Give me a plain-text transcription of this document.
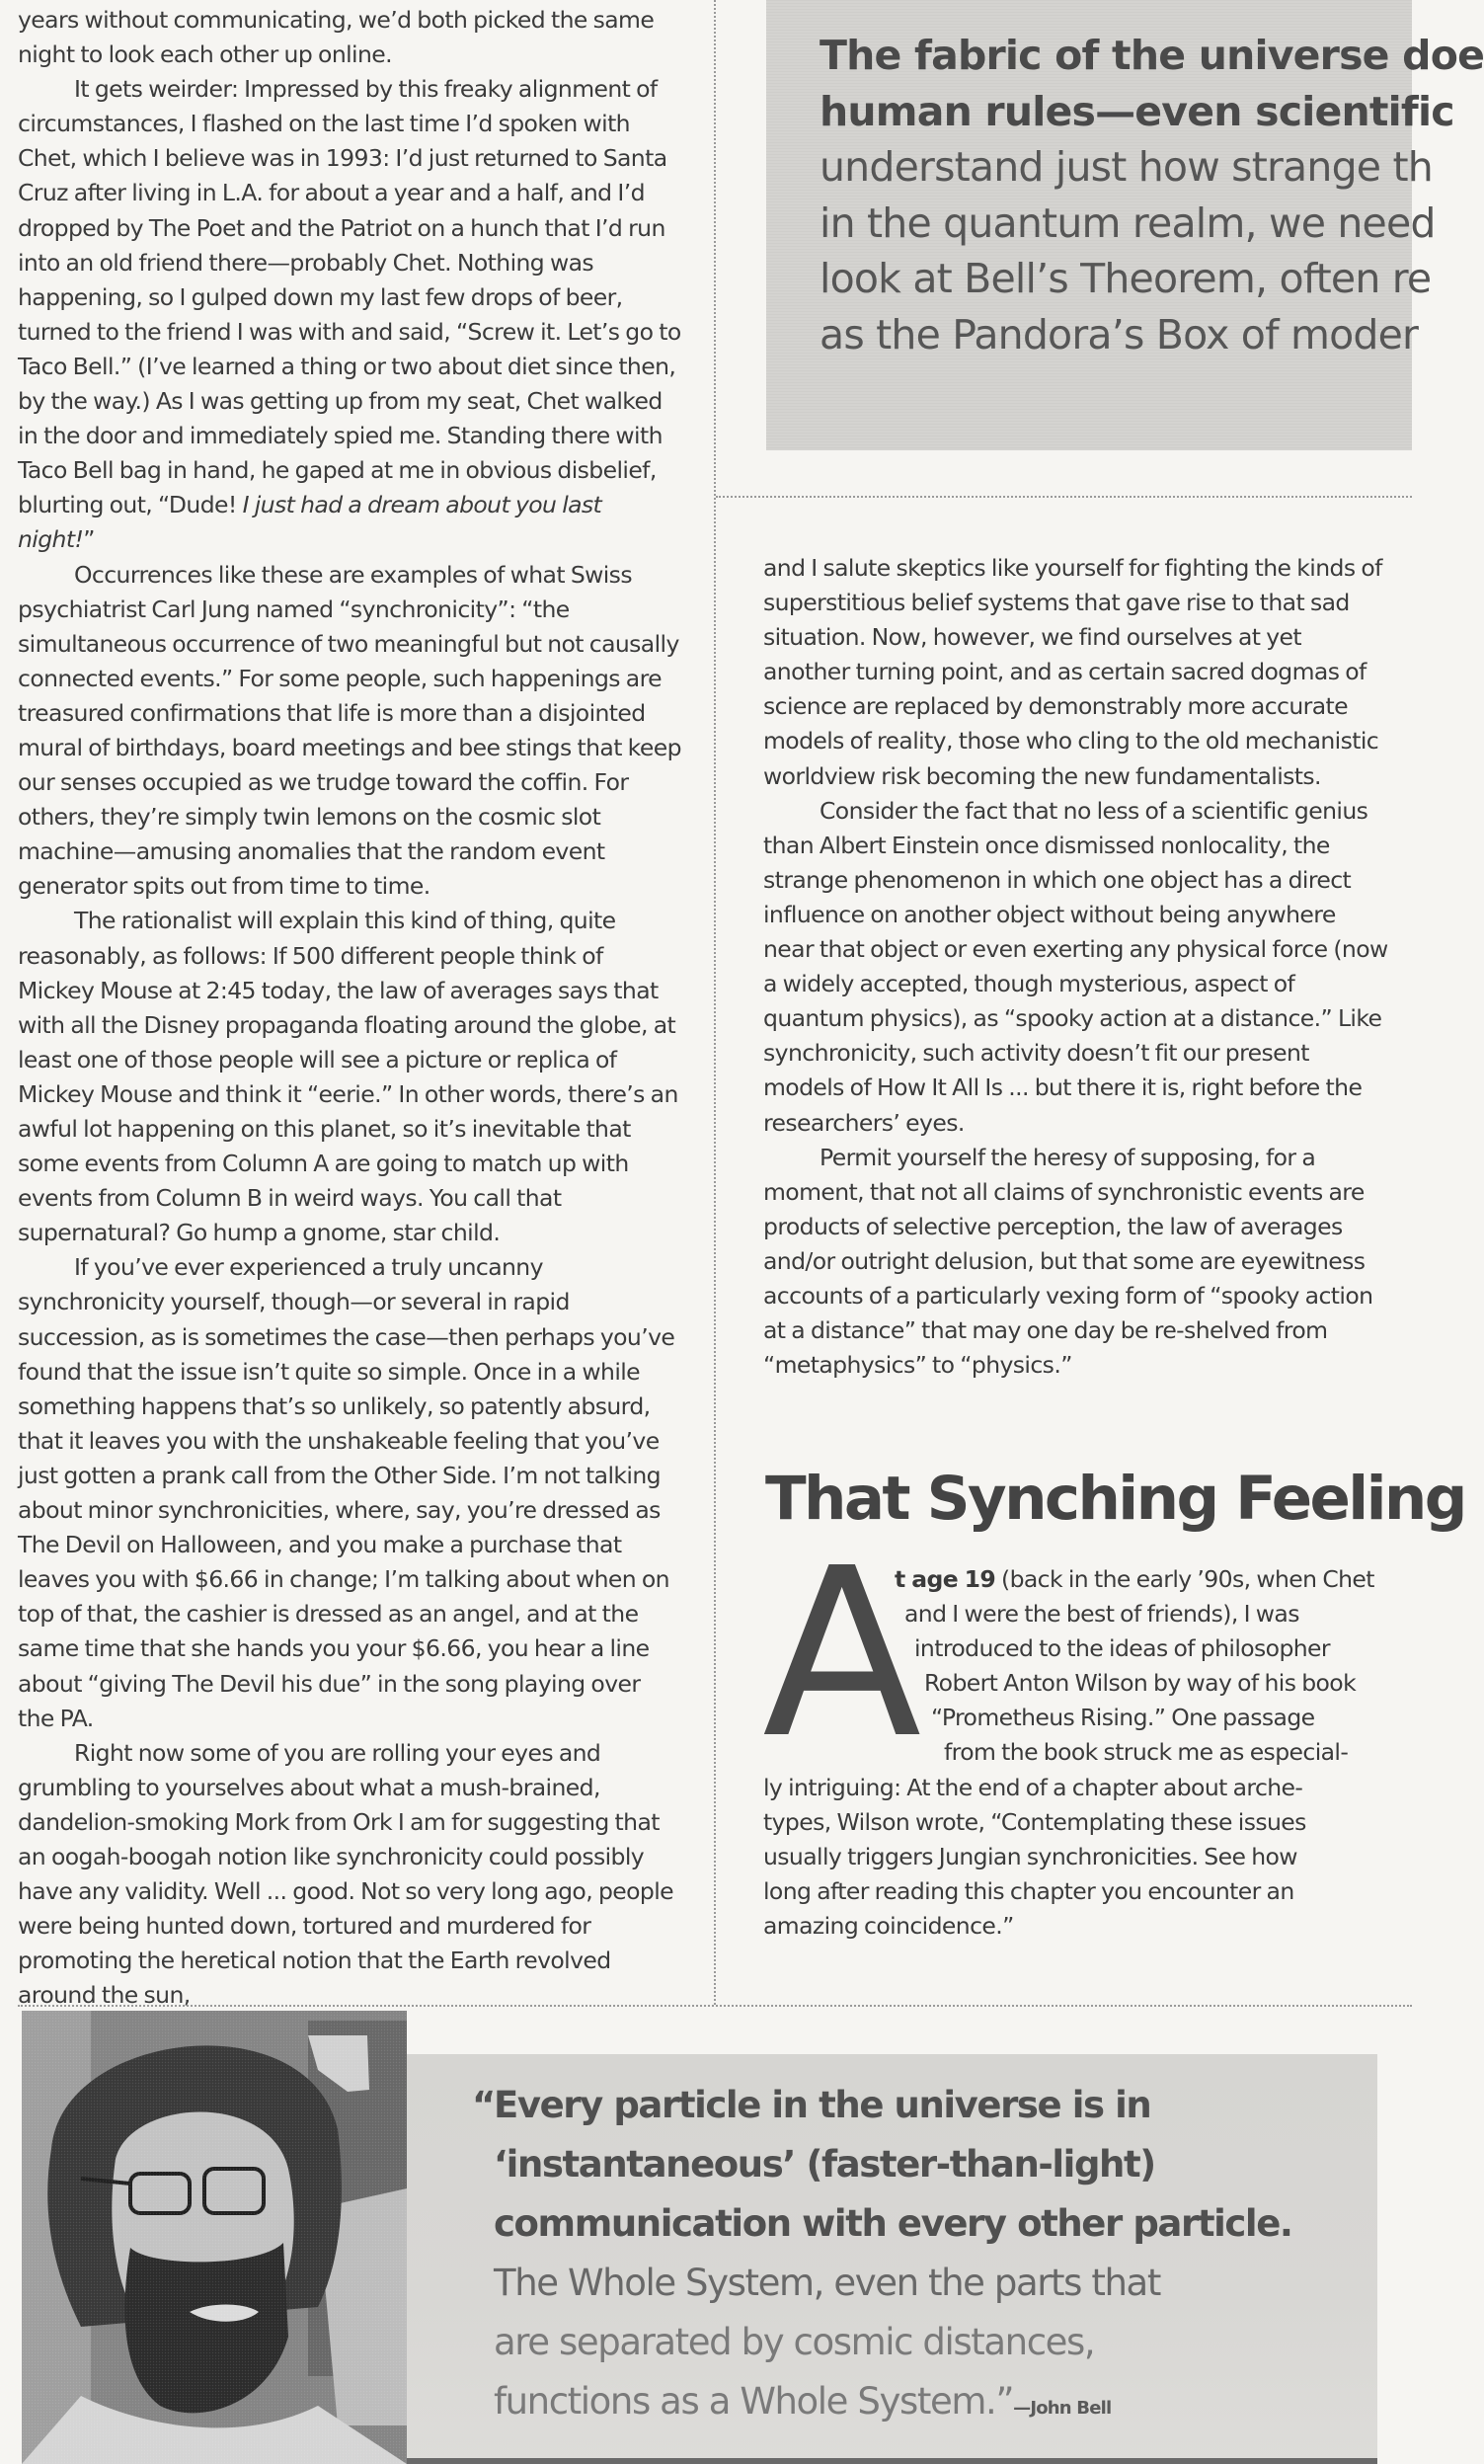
years without communicating, we’d both picked the same night to look each other up online.

It gets weirder: Impressed by this freaky alignment of circumstances, I flashed on the last time I’d spoken with Chet, which I believe was in 1993: I’d just returned to Santa Cruz after living in L.A. for about a year and a half, and I’d dropped by The Poet and the Patriot on a hunch that I’d run into an old friend there—probably Chet. Nothing was happening, so I gulped down my last few drops of beer, turned to the friend I was with and said, “Screw it. Let’s go to Taco Bell.” (I’ve learned a thing or two about diet since then, by the way.) As I was getting up from my seat, Chet walked in the door and immediately spied me. Standing there with Taco Bell bag in hand, he gaped at me in obvious disbelief, blurting out, “Dude! I just had a dream about you last night!”

Occurrences like these are examples of what Swiss psychiatrist Carl Jung named “synchronicity”: “the simultaneous occurrence of two meaningful but not causally connected events.” For some people, such happenings are treasured confirmations that life is more than a disjointed mural of birthdays, board meetings and bee stings that keep our senses occupied as we trudge toward the coffin. For others, they’re simply twin lemons on the cosmic slot machine—amusing anomalies that the random event generator spits out from time to time.

The rationalist will explain this kind of thing, quite reasonably, as follows: If 500 different people think of Mickey Mouse at 2:45 today, the law of averages says that with all the Disney propaganda floating around the globe, at least one of those people will see a picture or replica of Mickey Mouse and think it “eerie.” In other words, there’s an awful lot happening on this planet, so it’s inevitable that some events from Column A are going to match up with events from Column B in weird ways. You call that supernatural? Go hump a gnome, star child.

If you’ve ever experienced a truly uncanny synchronicity yourself, though—or several in rapid succession, as is sometimes the case—then perhaps you’ve found that the issue isn’t quite so simple. Once in a while something happens that’s so unlikely, so patently absurd, that it leaves you with the unshakeable feeling that you’ve just gotten a prank call from the Other Side. I’m not talking about minor synchronicities, where, say, you’re dressed as The Devil on Halloween, and you make a purchase that leaves you with $6.66 in change; I’m talking about when on top of that, the cashier is dressed as an angel, and at the same time that she hands you your $6.66, you hear a line about “giving The Devil his due” in the song playing over the PA.

Right now some of you are rolling your eyes and grumbling to yourselves about what a mush-brained, dandelion-smoking Mork from Ork I am for suggesting that an oogah-boogah notion like synchronicity could possibly have any validity. Well ... good. Not so very long ago, people were being hunted down, tortured and murdered for promoting the heretical notion that the Earth revolved around the sun,

The fabric of the universe doe
human rules—even scientific
understand just how strange th
in the quantum realm, we need
look at Bell’s Theorem, often re
as the Pandora’s Box of moder

and I salute skeptics like yourself for fighting the kinds of superstitious belief systems that gave rise to that sad situation. Now, however, we find ourselves at yet another turning point, and as certain sacred dogmas of science are replaced by demonstrably more accurate models of reality, those who cling to the old mechanistic worldview risk becoming the new fundamentalists.

Consider the fact that no less of a scientific genius than Albert Einstein once dismissed nonlocality, the strange phenomenon in which one object has a direct influence on another object without being anywhere near that object or even exerting any physical force (now a widely accepted, though mysterious, aspect of quantum physics), as “spooky action at a distance.” Like synchronicity, such activity doesn’t fit our present models of How It All Is ... but there it is, right before the researchers’ eyes.

Permit yourself the heresy of supposing, for a moment, that not all claims of synchronistic events are products of selective perception, the law of averages and/or outright delusion, but that some are eyewitness accounts of a particularly vexing form of “spooky action at a distance” that may one day be re-shelved from “metaphysics” to “physics.”

That Synching Feeling
A
t age 19 (back in the early ’90s, when Chet
and I were the best of friends), I was
introduced to the ideas of philosopher
Robert Anton Wilson by way of his book
“Prometheus Rising.” One passage
from the book struck me as especial-
ly intriguing: At the end of a chapter about arche-
types, Wilson wrote, “Contemplating these issues
usually triggers Jungian synchronicities. See how
long after reading this chapter you encounter an
amazing coincidence.”
“ Every particle in the universe is in
‘instantaneous’ (faster-than-light)
communication with every other particle.
The Whole System, even the parts that
are separated by cosmic distances,
functions as a Whole System.”—John Bell
